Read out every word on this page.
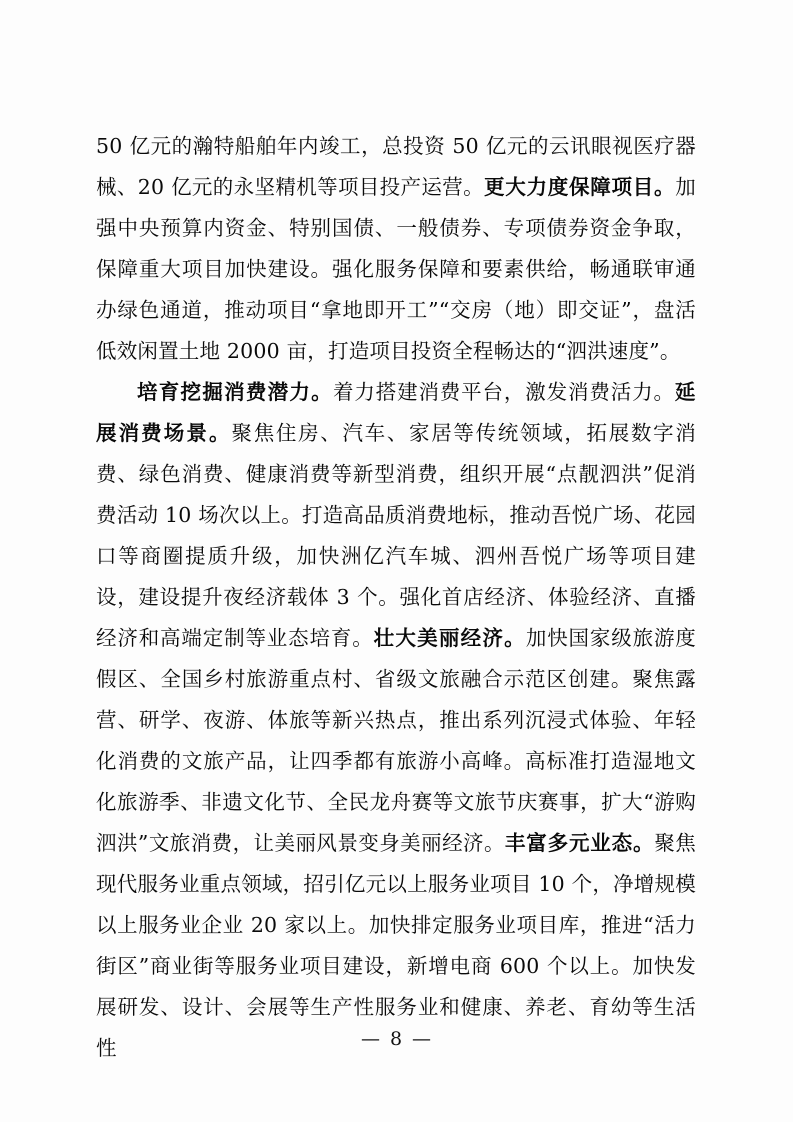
50 亿元的瀚特船舶年内竣工，总投资 50 亿元的云讯眼视医疗器械、20 亿元的永坚精机等项目投产运营。更大力度保障项目。加强中央预算内资金、特别国债、一般债券、专项债券资金争取，保障重大项目加快建设。强化服务保障和要素供给，畅通联审通办绿色通道，推动项目“拿地即开工”“交房（地）即交证”，盘活低效闲置土地 2000 亩，打造项目投资全程畅达的“泗洪速度”。

培育挖掘消费潜力。着力搭建消费平台，激发消费活力。延展消费场景。聚焦住房、汽车、家居等传统领域，拓展数字消费、绿色消费、健康消费等新型消费，组织开展“点靓泗洪”促消费活动 10 场次以上。打造高品质消费地标，推动吾悦广场、花园口等商圈提质升级，加快洲亿汽车城、泗州吾悦广场等项目建设，建设提升夜经济载体 3 个。强化首店经济、体验经济、直播经济和高端定制等业态培育。壮大美丽经济。加快国家级旅游度假区、全国乡村旅游重点村、省级文旅融合示范区创建。聚焦露营、研学、夜游、体旅等新兴热点，推出系列沉浸式体验、年轻化消费的文旅产品，让四季都有旅游小高峰。高标准打造湿地文化旅游季、非遗文化节、全民龙舟赛等文旅节庆赛事，扩大“游购泗洪”文旅消费，让美丽风景变身美丽经济。丰富多元业态。聚焦现代服务业重点领域，招引亿元以上服务业项目 10 个，净增规模以上服务业企业 20 家以上。加快排定服务业项目库，推进“活力街区”商业街等服务业项目建设，新增电商 600 个以上。加快发展研发、设计、会展等生产性服务业和健康、养老、育幼等生活性	— 8 —
